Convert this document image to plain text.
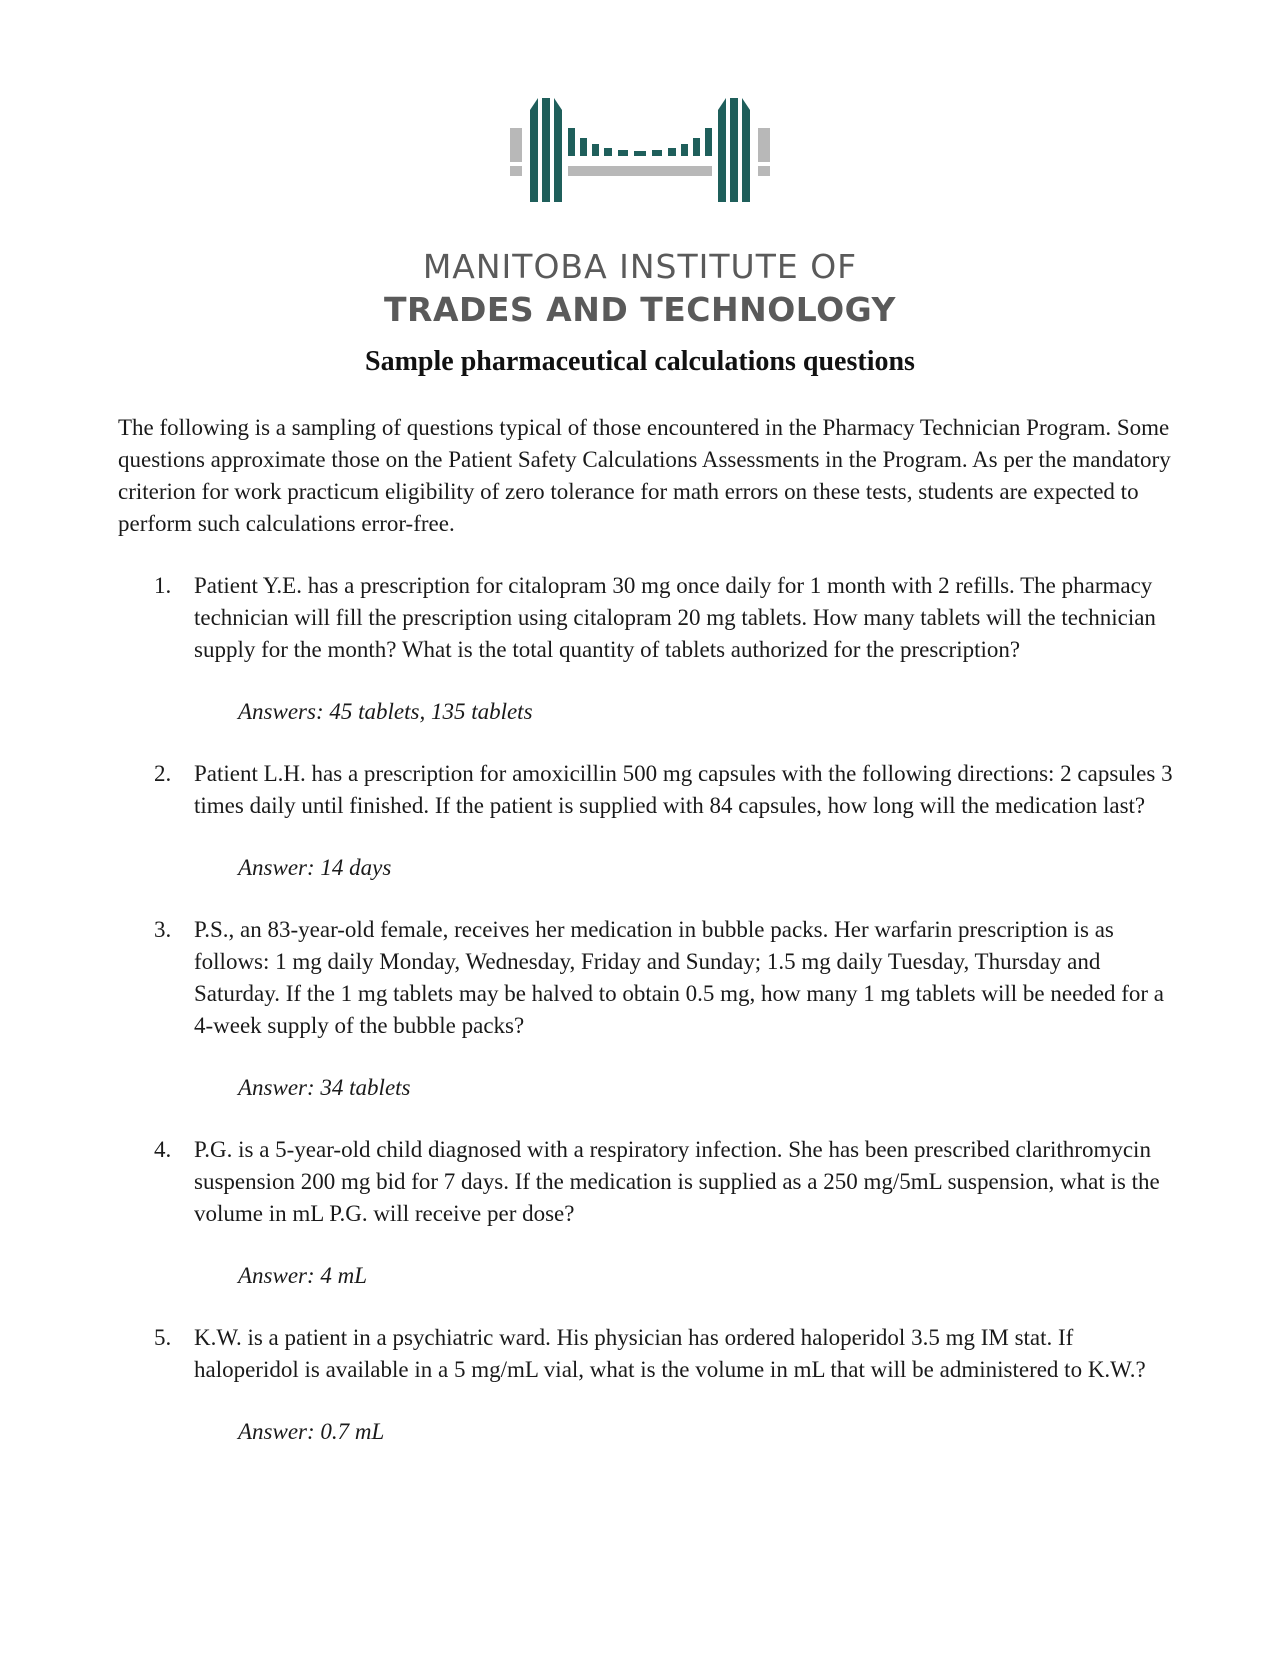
MANITOBA INSTITUTE OF
TRADES AND TECHNOLOGY
Sample pharmaceutical calculations questions

The following is a sampling of questions typical of those encountered in the Pharmacy Technician Program. Some questions approximate those on the Patient Safety Calculations Assessments in the Program. As per the mandatory criterion for work practicum eligibility of zero tolerance for math errors on these tests, students are expected to perform such calculations error-free.

1. Patient Y.E. has a prescription for citalopram 30 mg once daily for 1 month with 2 refills. The pharmacy technician will fill the prescription using citalopram 20 mg tablets. How many tablets will the technician supply for the month? What is the total quantity of tablets authorized for the prescription?

Answers: 45 tablets, 135 tablets

2. Patient L.H. has a prescription for amoxicillin 500 mg capsules with the following directions: 2 capsules 3 times daily until finished. If the patient is supplied with 84 capsules, how long will the medication last?

Answer: 14 days

3. P.S., an 83-year-old female, receives her medication in bubble packs. Her warfarin prescription is as follows: 1 mg daily Monday, Wednesday, Friday and Sunday; 1.5 mg daily Tuesday, Thursday and Saturday. If the 1 mg tablets may be halved to obtain 0.5 mg, how many 1 mg tablets will be needed for a 4-week supply of the bubble packs?

Answer: 34 tablets

4. P.G. is a 5-year-old child diagnosed with a respiratory infection. She has been prescribed clarithromycin suspension 200 mg bid for 7 days. If the medication is supplied as a 250 mg/5mL suspension, what is the volume in mL P.G. will receive per dose?

Answer: 4 mL

5. K.W. is a patient in a psychiatric ward. His physician has ordered haloperidol 3.5 mg IM stat. If haloperidol is available in a 5 mg/mL vial, what is the volume in mL that will be administered to K.W.?

Answer: 0.7 mL
